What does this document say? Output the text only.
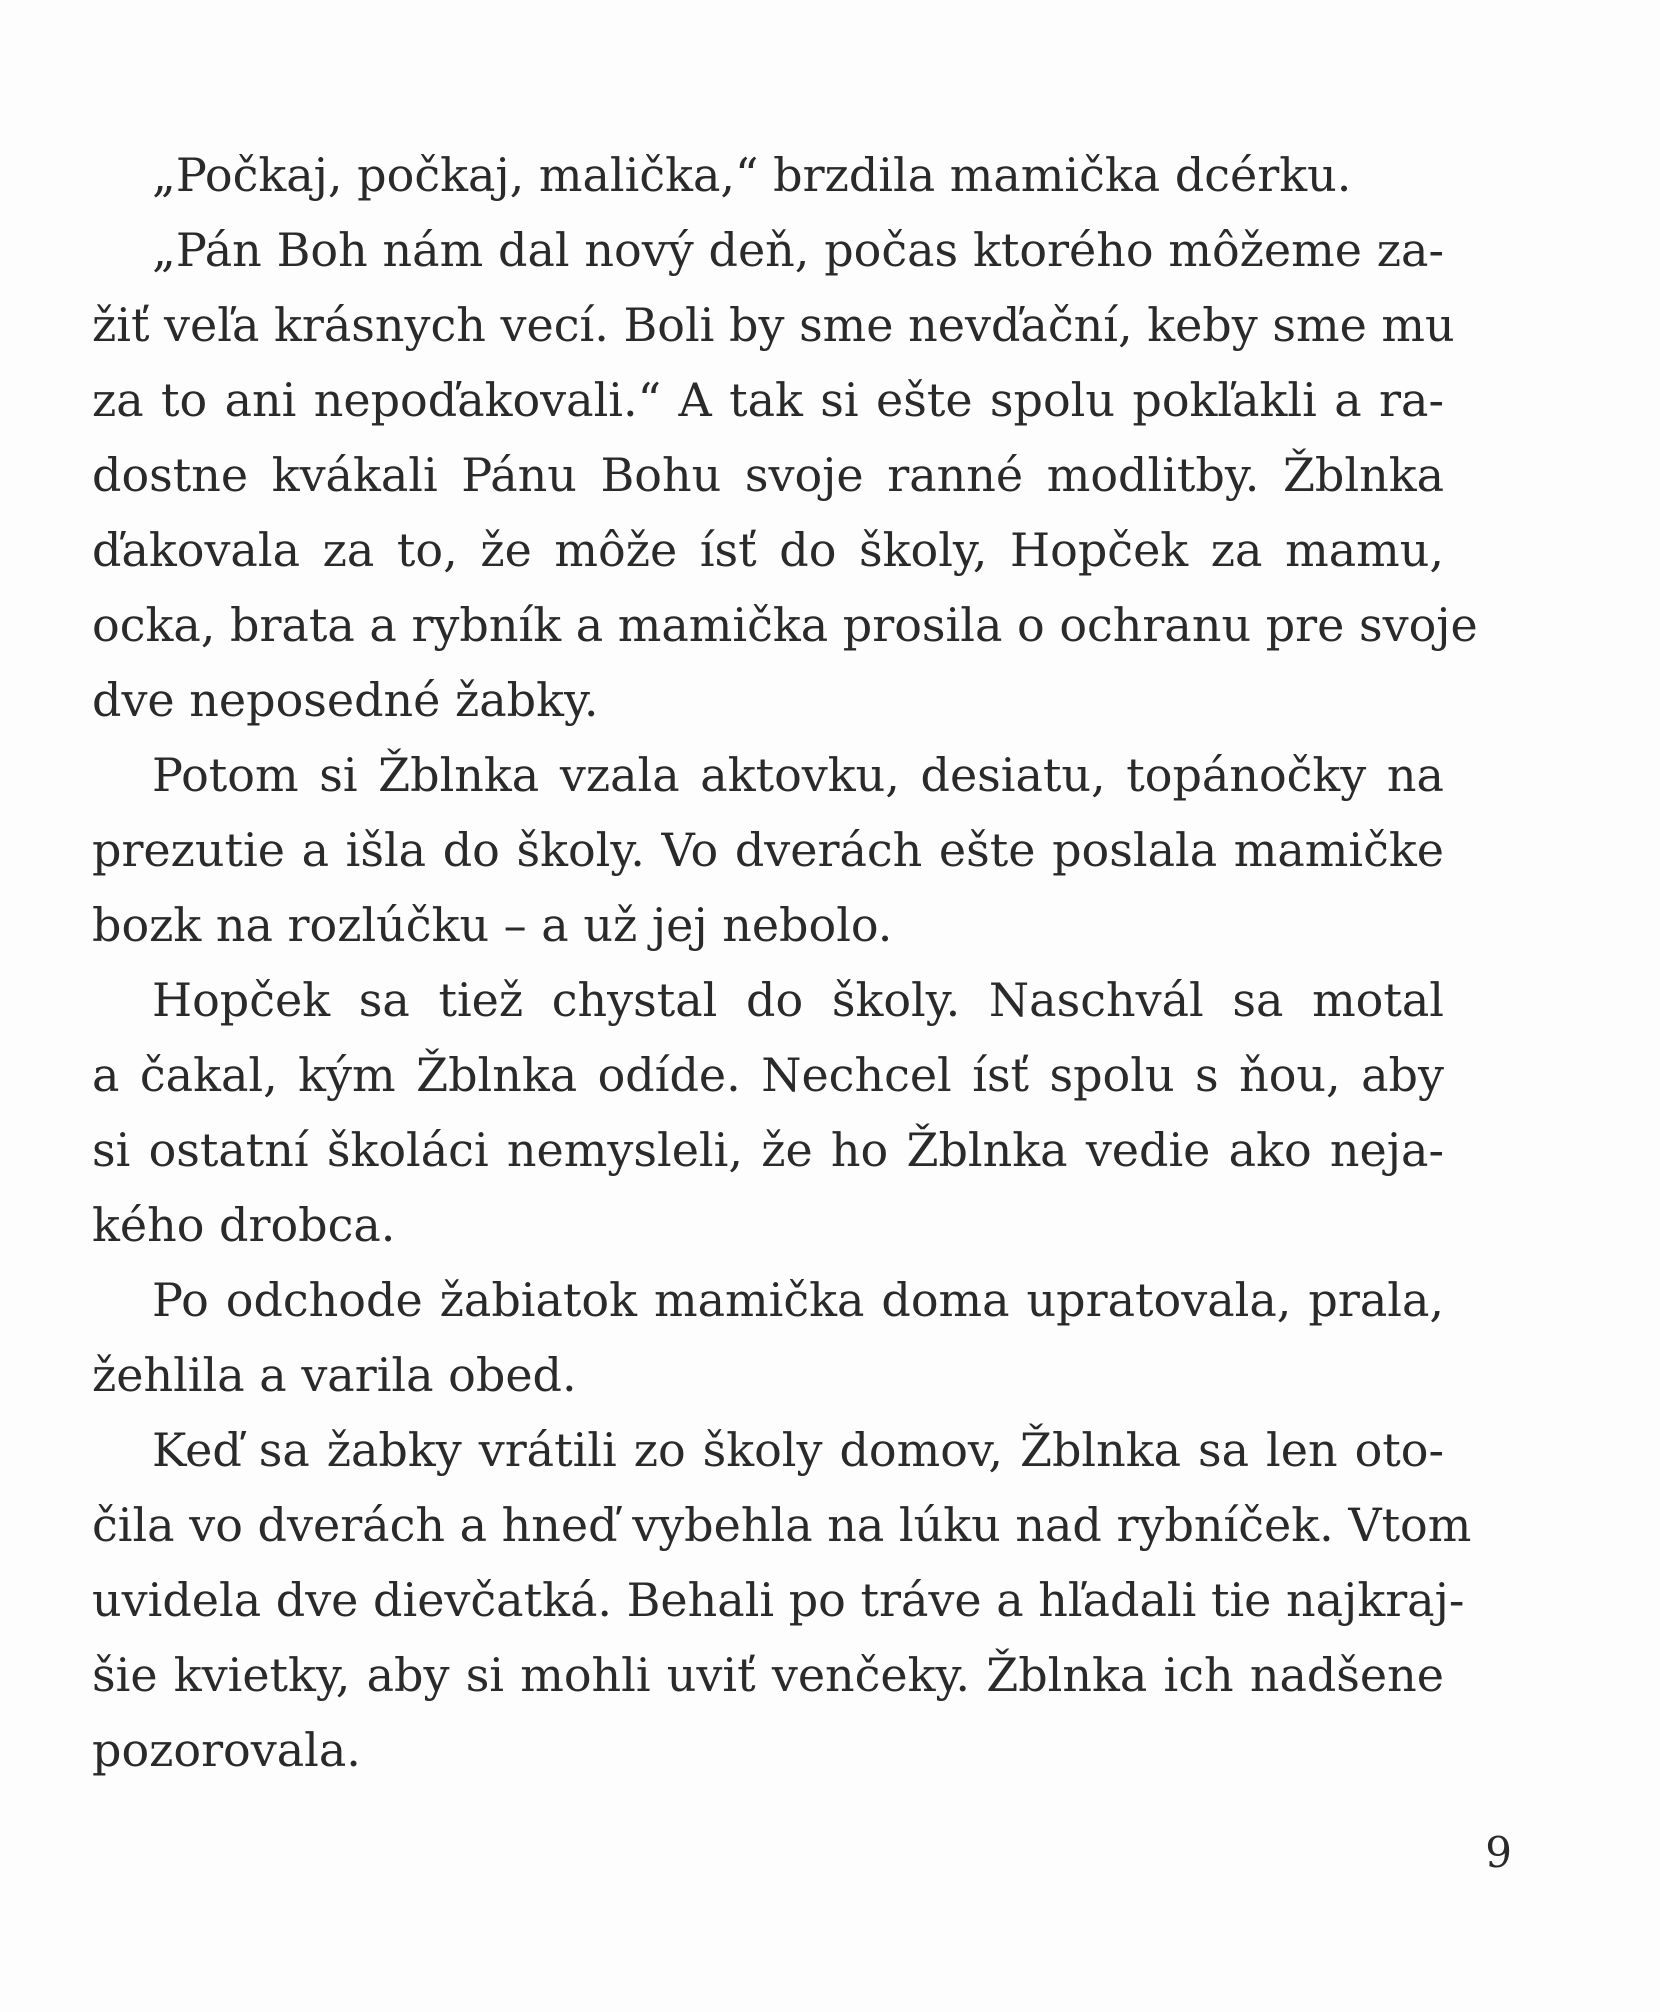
„Počkaj, počkaj, malička,“ brzdila mamička dcérku.

„Pán Boh nám dal nový deň, počas ktorého môžeme za-
žiť veľa krásnych vecí. Boli by sme nevďační, keby sme mu
za to ani nepoďakovali.“ A tak si ešte spolu pokľakli a ra-
dostne kvákali Pánu Bohu svoje ranné modlitby. Žblnka
ďakovala za to, že môže ísť do školy, Hopček za mamu,
ocka, brata a rybník a mamička prosila o ochranu pre svoje
dve neposedné žabky.

Potom si Žblnka vzala aktovku, desiatu, topánočky na
prezutie a išla do školy. Vo dverách ešte poslala mamičke
bozk na rozlúčku – a už jej nebolo.

Hopček sa tiež chystal do školy. Naschvál sa motal
a čakal, kým Žblnka odíde. Nechcel ísť spolu s ňou, aby
si ostatní školáci nemysleli, že ho Žblnka vedie ako neja-
kého drobca.

Po odchode žabiatok mamička doma upratovala, prala,
žehlila a varila obed.

Keď sa žabky vrátili zo školy domov, Žblnka sa len oto-
čila vo dverách a hneď vybehla na lúku nad rybníček. Vtom
uvidela dve dievčatká. Behali po tráve a hľadali tie najkraj-
šie kvietky, aby si mohli uviť venčeky. Žblnka ich nadšene
pozorovala.

9
